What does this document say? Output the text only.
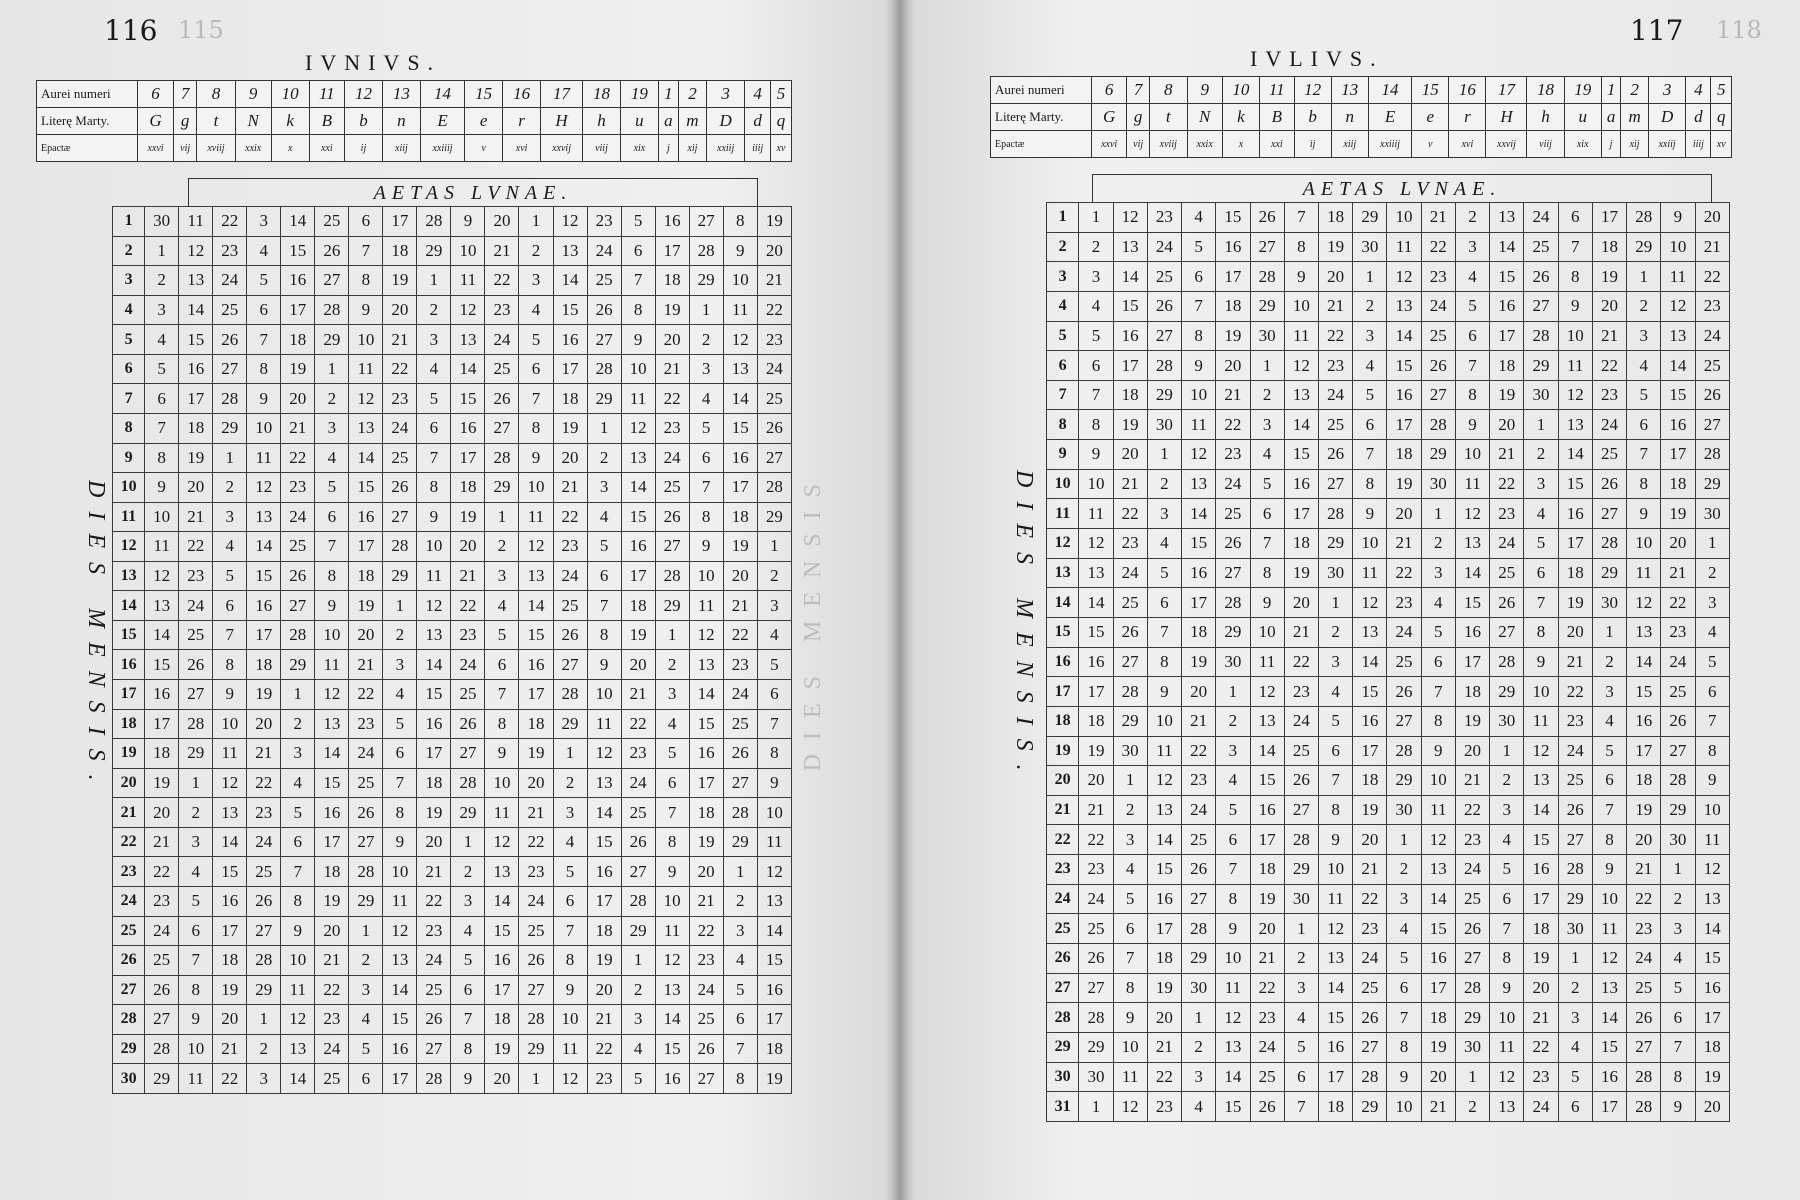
116 115
IVNIVS.
Aurei numeri	6	7	8	9	10	11	12	13	14	15	16	17	18	19	1	2	3	4	5
Literę Marty.	G	g	t	N	k	B	b	n	E	e	r	H	h	u	a	m	D	d	q
Epactæ	xxvi	vij	xviij	xxix	x	xxi	ij	xiij	xxiiij	v	xvi	xxvij	viij	xix	j	xij	xxiij	iiij	xv
AETAS LVNAE.
1	30	11	22	3	14	25	6	17	28	9	20	1	12	23	5	16	27	8	19
2	1	12	23	4	15	26	7	18	29	10	21	2	13	24	6	17	28	9	20
3	2	13	24	5	16	27	8	19	1	11	22	3	14	25	7	18	29	10	21
4	3	14	25	6	17	28	9	20	2	12	23	4	15	26	8	19	1	11	22
5	4	15	26	7	18	29	10	21	3	13	24	5	16	27	9	20	2	12	23
6	5	16	27	8	19	1	11	22	4	14	25	6	17	28	10	21	3	13	24
7	6	17	28	9	20	2	12	23	5	15	26	7	18	29	11	22	4	14	25
8	7	18	29	10	21	3	13	24	6	16	27	8	19	1	12	23	5	15	26
9	8	19	1	11	22	4	14	25	7	17	28	9	20	2	13	24	6	16	27
10	9	20	2	12	23	5	15	26	8	18	29	10	21	3	14	25	7	17	28
11	10	21	3	13	24	6	16	27	9	19	1	11	22	4	15	26	8	18	29
12	11	22	4	14	25	7	17	28	10	20	2	12	23	5	16	27	9	19	1
13	12	23	5	15	26	8	18	29	11	21	3	13	24	6	17	28	10	20	2
14	13	24	6	16	27	9	19	1	12	22	4	14	25	7	18	29	11	21	3
15	14	25	7	17	28	10	20	2	13	23	5	15	26	8	19	1	12	22	4
16	15	26	8	18	29	11	21	3	14	24	6	16	27	9	20	2	13	23	5
17	16	27	9	19	1	12	22	4	15	25	7	17	28	10	21	3	14	24	6
18	17	28	10	20	2	13	23	5	16	26	8	18	29	11	22	4	15	25	7
19	18	29	11	21	3	14	24	6	17	27	9	19	1	12	23	5	16	26	8
20	19	1	12	22	4	15	25	7	18	28	10	20	2	13	24	6	17	27	9
21	20	2	13	23	5	16	26	8	19	29	11	21	3	14	25	7	18	28	10
22	21	3	14	24	6	17	27	9	20	1	12	22	4	15	26	8	19	29	11
23	22	4	15	25	7	18	28	10	21	2	13	23	5	16	27	9	20	1	12
24	23	5	16	26	8	19	29	11	22	3	14	24	6	17	28	10	21	2	13
25	24	6	17	27	9	20	1	12	23	4	15	25	7	18	29	11	22	3	14
26	25	7	18	28	10	21	2	13	24	5	16	26	8	19	1	12	23	4	15
27	26	8	19	29	11	22	3	14	25	6	17	27	9	20	2	13	24	5	16
28	27	9	20	1	12	23	4	15	26	7	18	28	10	21	3	14	25	6	17
29	28	10	21	2	13	24	5	16	27	8	19	29	11	22	4	15	26	7	18
30	29	11	22	3	14	25	6	17	28	9	20	1	12	23	5	16	27	8	19
DIES MENSIS.	DIES MENSIS
117 118
IVLIVS.
Aurei numeri	6	7	8	9	10	11	12	13	14	15	16	17	18	19	1	2	3	4	5
Literę Marty.	G	g	t	N	k	B	b	n	E	e	r	H	h	u	a	m	D	d	q
Epactæ	xxvi	vij	xviij	xxix	x	xxi	ij	xiij	xxiiij	v	xvi	xxvij	viij	xix	j	xij	xxiij	iiij	xv
AETAS LVNAE.
1	1	12	23	4	15	26	7	18	29	10	21	2	13	24	6	17	28	9	20
2	2	13	24	5	16	27	8	19	30	11	22	3	14	25	7	18	29	10	21
3	3	14	25	6	17	28	9	20	1	12	23	4	15	26	8	19	1	11	22
4	4	15	26	7	18	29	10	21	2	13	24	5	16	27	9	20	2	12	23
5	5	16	27	8	19	30	11	22	3	14	25	6	17	28	10	21	3	13	24
6	6	17	28	9	20	1	12	23	4	15	26	7	18	29	11	22	4	14	25
7	7	18	29	10	21	2	13	24	5	16	27	8	19	30	12	23	5	15	26
8	8	19	30	11	22	3	14	25	6	17	28	9	20	1	13	24	6	16	27
9	9	20	1	12	23	4	15	26	7	18	29	10	21	2	14	25	7	17	28
10	10	21	2	13	24	5	16	27	8	19	30	11	22	3	15	26	8	18	29
11	11	22	3	14	25	6	17	28	9	20	1	12	23	4	16	27	9	19	30
12	12	23	4	15	26	7	18	29	10	21	2	13	24	5	17	28	10	20	1
13	13	24	5	16	27	8	19	30	11	22	3	14	25	6	18	29	11	21	2
14	14	25	6	17	28	9	20	1	12	23	4	15	26	7	19	30	12	22	3
15	15	26	7	18	29	10	21	2	13	24	5	16	27	8	20	1	13	23	4
16	16	27	8	19	30	11	22	3	14	25	6	17	28	9	21	2	14	24	5
17	17	28	9	20	1	12	23	4	15	26	7	18	29	10	22	3	15	25	6
18	18	29	10	21	2	13	24	5	16	27	8	19	30	11	23	4	16	26	7
19	19	30	11	22	3	14	25	6	17	28	9	20	1	12	24	5	17	27	8
20	20	1	12	23	4	15	26	7	18	29	10	21	2	13	25	6	18	28	9
21	21	2	13	24	5	16	27	8	19	30	11	22	3	14	26	7	19	29	10
22	22	3	14	25	6	17	28	9	20	1	12	23	4	15	27	8	20	30	11
23	23	4	15	26	7	18	29	10	21	2	13	24	5	16	28	9	21	1	12
24	24	5	16	27	8	19	30	11	22	3	14	25	6	17	29	10	22	2	13
25	25	6	17	28	9	20	1	12	23	4	15	26	7	18	30	11	23	3	14
26	26	7	18	29	10	21	2	13	24	5	16	27	8	19	1	12	24	4	15
27	27	8	19	30	11	22	3	14	25	6	17	28	9	20	2	13	25	5	16
28	28	9	20	1	12	23	4	15	26	7	18	29	10	21	3	14	26	6	17
29	29	10	21	2	13	24	5	16	27	8	19	30	11	22	4	15	27	7	18
30	30	11	22	3	14	25	6	17	28	9	20	1	12	23	5	16	28	8	19
31	1	12	23	4	15	26	7	18	29	10	21	2	13	24	6	17	28	9	20
DIES MENSIS.
